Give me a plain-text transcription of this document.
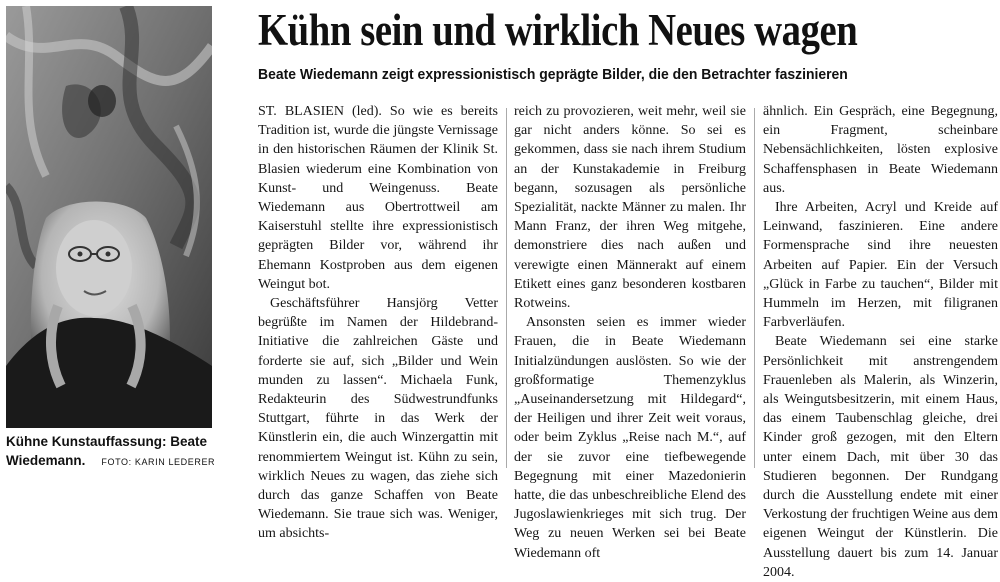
Kühne Kunstauffassung: Beate
Wiedemann. FOTO: KARIN LEDERER
Kühn sein und wirklich Neues wagen
Beate Wiedemann zeigt expressionistisch geprägte Bilder, die den Betrachter faszinieren

ST. BLASIEN (led). So wie es bereits Tradition ist, wurde die jüngste Vernissage in den historischen Räumen der Klinik St. Blasien wiederum eine Kombination von Kunst- und Weingenuss. Beate Wiedemann aus Obertrottweil am Kaiserstuhl stellte ihre expressionistisch geprägten Bilder vor, während ihr Ehemann Kostproben aus dem eigenen Weingut bot.

Geschäftsführer Hansjörg Vetter begrüßte im Namen der Hildebrand-Initiative die zahlreichen Gäste und forderte sie auf, sich „Bilder und Wein munden zu lassen“. Michaela Funk, Redakteurin des Südwestrundfunks Stuttgart, führte in das Werk der Künstlerin ein, die auch Winzergattin mit renommiertem Weingut ist. Kühn zu sein, wirklich Neues zu wagen, das ziehe sich durch das ganze Schaffen von Beate Wiedemann. Sie traue sich was. Weniger, um absichts-

reich zu provozieren, weit mehr, weil sie gar nicht anders könne. So sei es gekommen, dass sie nach ihrem Studium an der Kunstakademie in Freiburg begann, sozusagen als persönliche Spezialität, nackte Männer zu malen. Ihr Mann Franz, der ihren Weg mitgehe, demonstriere dies nach außen und verewigte einen Männerakt auf einem Etikett eines ganz besonderen kostbaren Rotweins.

Ansonsten seien es immer wieder Frauen, die in Beate Wiedemann Initialzündungen auslösten. So wie der großformatige Themenzyklus „Auseinandersetzung mit Hildegard“, der Heiligen und ihrer Zeit weit voraus, oder beim Zyklus „Reise nach M.“, auf der sie zuvor eine tiefbewegende Begegnung mit einer Mazedonierin hatte, die das unbeschreibliche Elend des Jugoslawienkrieges mit sich trug. Der Weg zu neuen Werken sei bei Beate Wiedemann oft

ähnlich. Ein Gespräch, eine Begegnung, ein Fragment, scheinbare Nebensächlichkeiten, lösten explosive Schaffensphasen in Beate Wiedemann aus.

Ihre Arbeiten, Acryl und Kreide auf Leinwand, faszinieren. Eine andere Formensprache sind ihre neuesten Arbeiten auf Papier. Ein der Versuch „Glück in Farbe zu tauchen“, Bilder mit Hummeln im Herzen, mit filigranen Farbverläufen.

Beate Wiedemann sei eine starke Persönlichkeit mit anstrengendem Frauenleben als Malerin, als Winzerin, als Weingutsbesitzerin, mit einem Haus, das einem Taubenschlag gleiche, drei Kinder groß gezogen, mit den Eltern unter einem Dach, mit über 30 das Studieren begonnen. Der Rundgang durch die Ausstellung endete mit einer Verkostung der fruchtigen Weine aus dem eigenen Weingut der Künstlerin. Die Ausstellung dauert bis zum 14. Januar 2004.
